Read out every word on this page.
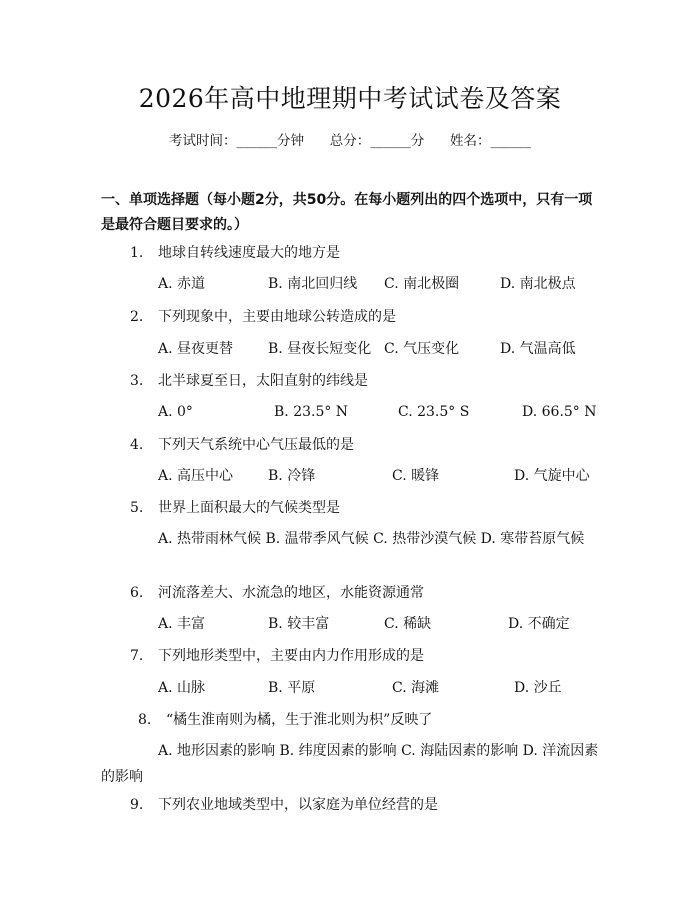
2026年高中地理期中考试试卷及答案
考试时间：______分钟 总分：______分 姓名：______
一、单项选择题（每小题2分，共50分。在每小题列出的四个选项中，只有一项是最符合题目要求的。）
1. 地球自转线速度最大的地方是
A. 赤道	B. 南北回归线 C. 南北极圈	D. 南北极点
2. 下列现象中，主要由地球公转造成的是
A. 昼夜更替 B. 昼夜长短变化 C. 气压变化	D. 气温高低
3. 北半球夏至日，太阳直射的纬线是
A. 0°	B. 23.5° N	C. 23.5° S	D. 66.5° N
4. 下列天气系统中心气压最低的是
A. 高压中心 B. 冷锋	C. 暖锋	D. 气旋中心
5. 世界上面积最大的气候类型是
A. 热带雨林气候 B. 温带季风气候 C. 热带沙漠气候 D. 寒带苔原气候
6. 河流落差大、水流急的地区，水能资源通常
A. 丰富	B. 较丰富	C. 稀缺	D. 不确定
7. 下列地形类型中，主要由内力作用形成的是
A. 山脉	B. 平原	C. 海滩	D. 沙丘
8. “橘生淮南则为橘，生于淮北则为枳”反映了
A. 地形因素的影响 B. 纬度因素的影响 C. 海陆因素的影响 D. 洋流因素的影响
9. 下列农业地域类型中，以家庭为单位经营的是
